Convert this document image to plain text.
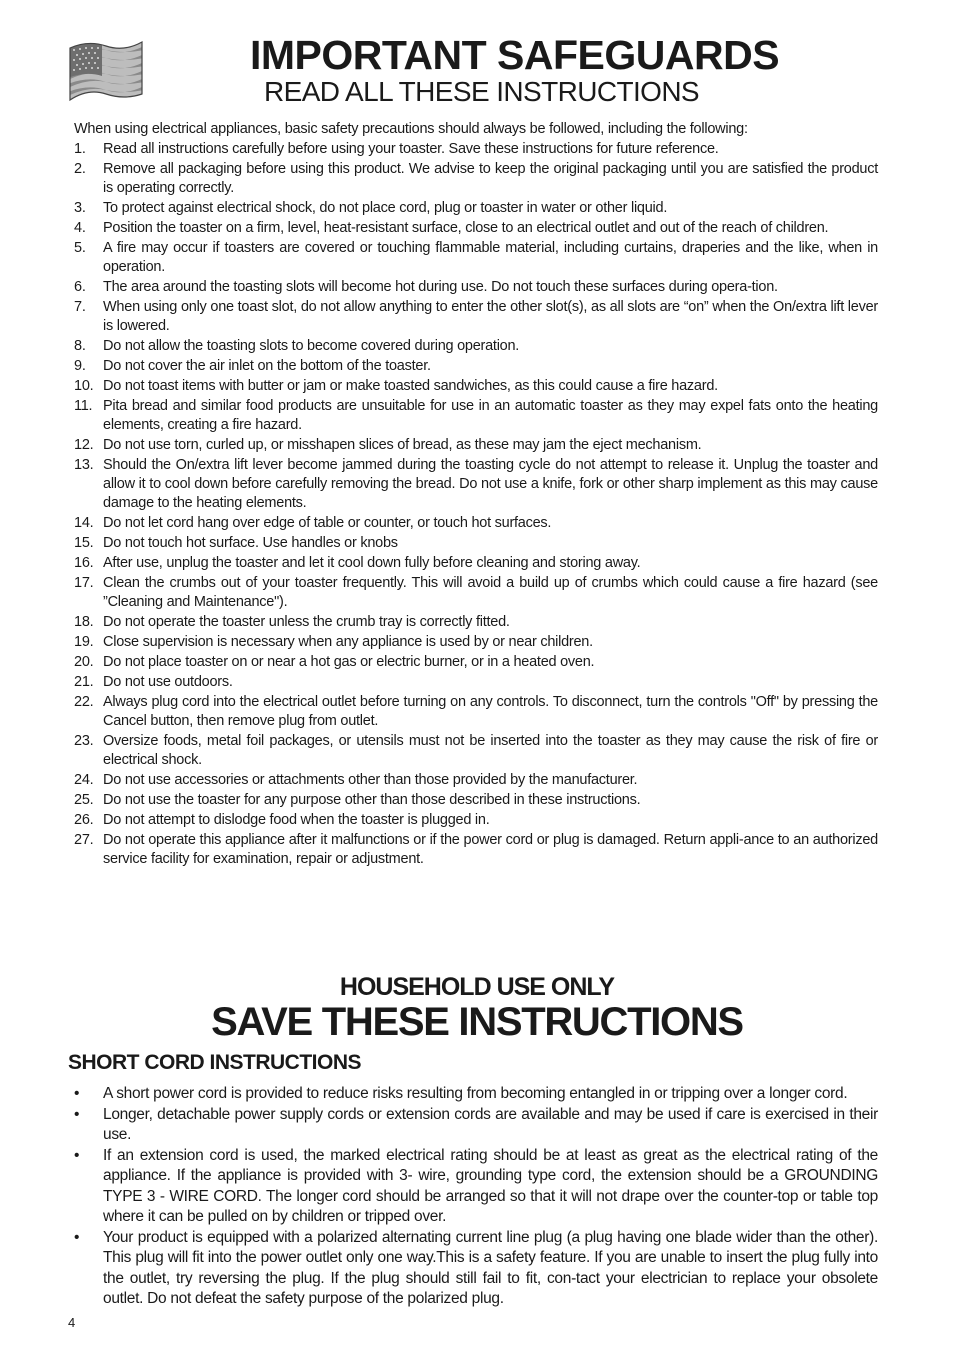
IMPORTANT SAFEGUARDS
READ ALL THESE INSTRUCTIONS

When using electrical appliances, basic safety precautions should always be followed, including the following:

1.	Read all instructions carefully before using your toaster. Save these instructions for future reference.
2.	Remove all packaging before using this product. We advise to keep the original packaging until you are satisfied the product is operating correctly.
3.	To protect against electrical shock, do not place cord, plug or toaster in water or other liquid.
4.	Position the toaster on a firm, level, heat-resistant surface, close to an electrical outlet and out of the reach of children.
5.	A fire may occur if toasters are covered or touching flammable material, including curtains, draperies and the like, when in operation.
6.	The area around the toasting slots will become hot during use. Do not touch these surfaces during opera-tion.
7.	When using only one toast slot, do not allow anything to enter the other slot(s), as all slots are “on” when the On/extra lift lever is lowered.
8.	Do not allow the toasting slots to become covered during operation.
9.	Do not cover the air inlet on the bottom of the toaster.
10. Do not toast items with butter or jam or make toasted sandwiches, as this could cause a fire hazard.
11. Pita bread and similar food products are unsuitable for use in an automatic toaster as they may expel fats onto the heating elements, creating a fire hazard.
12. Do not use torn, curled up, or misshapen slices of bread, as these may jam the eject mechanism.
13. Should the On/extra lift lever become jammed during the toasting cycle do not attempt to release it. Unplug the toaster and allow it to cool down before carefully removing the bread. Do not use a knife, fork or other sharp implement as this may cause damage to the heating elements.
14. Do not let cord hang over edge of table or counter, or touch hot surfaces.
15. Do not touch hot surface. Use handles or knobs
16. After use, unplug the toaster and let it cool down fully before cleaning and storing away.
17. Clean the crumbs out of your toaster frequently. This will avoid a build up of crumbs which could cause a fire hazard (see ”Cleaning and Maintenance").
18. Do not operate the toaster unless the crumb tray is correctly fitted.
19. Close supervision is necessary when any appliance is used by or near children.
20. Do not place toaster on or near a hot gas or electric burner, or in a heated oven.
21. Do not use outdoors.
22. Always plug cord into the electrical outlet before turning on any controls. To disconnect, turn the controls "Off" by pressing the Cancel button, then remove plug from outlet.
23. Oversize foods, metal foil packages, or utensils must not be inserted into the toaster as they may cause the risk of fire or electrical shock.
24. Do not use accessories or attachments other than those provided by the manufacturer.
25. Do not use the toaster for any purpose other than those described in these instructions.
26. Do not attempt to dislodge food when the toaster is plugged in.
27. Do not operate this appliance after it malfunctions or if the power cord or plug is damaged. Return appli-ance to an authorized service facility for examination, repair or adjustment.
HOUSEHOLD USE ONLY
SAVE THESE INSTRUCTIONS
SHORT CORD INSTRUCTIONS
• A short power cord is provided to reduce risks resulting from becoming entangled in or tripping over a longer cord.
• Longer, detachable power supply cords or extension cords are available and may be used if care is exercised in their use.
• If an extension cord is used, the marked electrical rating should be at least as great as the electrical rating of the appliance. If the appliance is provided with 3- wire, grounding type cord, the extension should be a GROUNDING TYPE 3 - WIRE CORD. The longer cord should be arranged so that it will not drape over the counter-top or table top where it can be pulled on by children or tripped over.
• Your product is equipped with a polarized alternating current line plug (a plug having one blade wider than the other). This plug will fit into the power outlet only one way.This is a safety feature. If you are unable to insert the plug fully into the outlet, try reversing the plug. If the plug should still fail to fit, con-tact your electrician to replace your obsolete outlet. Do not defeat the safety purpose of the polarized plug.
4
